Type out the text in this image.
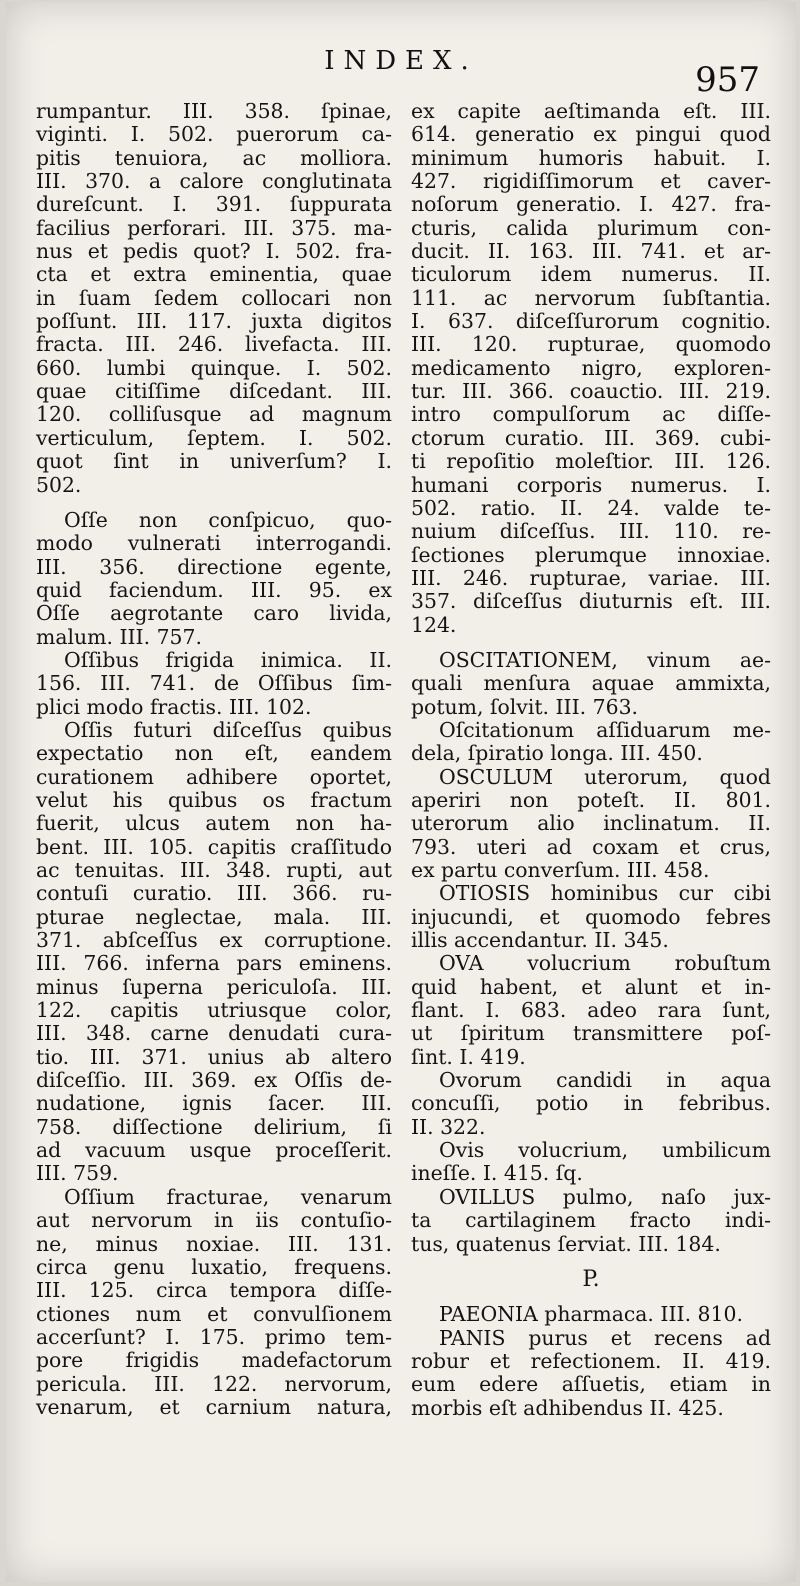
INDEX.	957
rumpantur. III. 358. ſpinae,
viginti. I. 502. puerorum ca-
pitis tenuiora, ac molliora.
III. 370. a calore conglutinata
dureſcunt. I. 391. ſuppurata
facilius perforari. III. 375. ma-
nus et pedis quot? I. 502. fra-
cta et extra eminentia, quae
in ſuam ſedem collocari non
poſſunt. III. 117. juxta digitos
fracta. III. 246. livefacta. III.
660. lumbi quinque. I. 502.
quae citiſſime diſcedant. III.
120. colliſusque ad magnum
verticulum, ſeptem. I. 502.
quot ſint in univerſum? I.
502.
Oſſe non conſpicuo, quo-
modo vulnerati interrogandi.
III. 356. directione egente,
quid faciendum. III. 95. ex
Oſſe aegrotante caro livida,
malum. III. 757.
Oſſibus frigida inimica. II.
156. III. 741. de Oſſibus ſim-
plici modo fractis. III. 102.
Oſſis futuri diſceſſus quibus
expectatio non eſt, eandem
curationem adhibere oportet,
velut his quibus os fractum
fuerit, ulcus autem non ha-
bent. III. 105. capitis craſſitudo
ac tenuitas. III. 348. rupti, aut
contuſi curatio. III. 366. ru-
pturae neglectae, mala. III.
371. abſceſſus ex corruptione.
III. 766. inferna pars eminens.
minus ſuperna periculoſa. III.
122. capitis utriusque color,
III. 348. carne denudati cura-
tio. III. 371. unius ab altero
diſceſſio. III. 369. ex Oſſis de-
nudatione, ignis ſacer. III.
758. diſſectione delirium, ſi
ad vacuum usque proceſſerit.
III. 759.
Oſſium fracturae, venarum
aut nervorum in iis contuſio-
ne, minus noxiae. III. 131.
circa genu luxatio, frequens.
III. 125. circa tempora diſſe-
ctiones num et convulſionem
accerſunt? I. 175. primo tem-
pore frigidis madefactorum
pericula. III. 122. nervorum,
venarum, et carnium natura,
ex capite aeſtimanda eſt. III.
614. generatio ex pingui quod
minimum humoris habuit. I.
427. rigidiſſimorum et caver-
noſorum generatio. I. 427. fra-
cturis, calida plurimum con-
ducit. II. 163. III. 741. et ar-
ticulorum idem numerus. II.
111. ac nervorum ſubſtantia.
I. 637. diſceſſurorum cognitio.
III. 120. rupturae, quomodo
medicamento nigro, exploren-
tur. III. 366. coauctio. III. 219.
intro compulſorum ac diſſe-
ctorum curatio. III. 369. cubi-
ti repoſitio moleſtior. III. 126.
humani corporis numerus. I.
502. ratio. II. 24. valde te-
nuium diſceſſus. III. 110. re-
ſectiones plerumque innoxiae.
III. 246. rupturae, variae. III.
357. diſceſſus diuturnis eſt. III.
124.
OSCITATIONEM, vinum ae-
quali menſura aquae ammixta,
potum, ſolvit. III. 763.
Oſcitationum aſſiduarum me-
dela, ſpiratio longa. III. 450.
OSCULUM uterorum, quod
aperiri non poteſt. II. 801.
uterorum alio inclinatum. II.
793. uteri ad coxam et crus,
ex partu converſum. III. 458.
OTIOSIS hominibus cur cibi
injucundi, et quomodo febres
illis accendantur. II. 345.
OVA volucrium robuſtum
quid habent, et alunt et in-
flant. I. 683. adeo rara ſunt,
ut ſpiritum transmittere poſ-
ſint. I. 419.
Ovorum candidi in aqua
concuſſi, potio in febribus.
II. 322.
Ovis volucrium, umbilicum
ineſſe. I. 415. ſq.
OVILLUS pulmo, naſo jux-
ta cartilaginem fracto indi-
tus, quatenus ſerviat. III. 184.
P.
PAEONIA pharmaca. III. 810.
PANIS purus et recens ad
robur et refectionem. II. 419.
eum edere aſſuetis, etiam in
morbis eſt adhibendus II. 425.
